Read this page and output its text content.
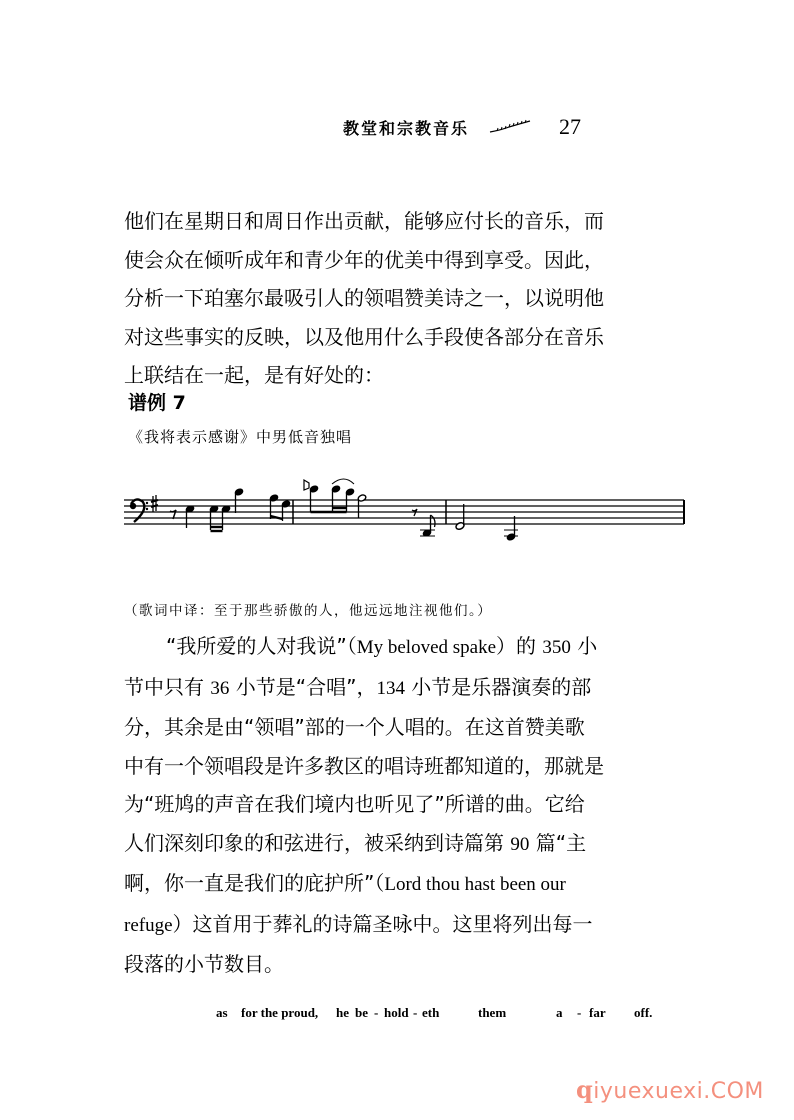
教堂和宗教音乐	27

他们在星期日和周日作出贡献，能够应付长的音乐，而

使会众在倾听成年和青少年的优美中得到享受。因此，

分析一下珀塞尔最吸引人的领唱赞美诗之一，以说明他

对这些事实的反映，以及他用什么手段使各部分在音乐

上联结在一起，是有好处的：

谱例 7
《我将表示感谢》中男低音独唱
as for the proud, he be - hold - eth	them	a - far off.
（歌词中译：至于那些骄傲的人，他远远地注视他们。）

“我所爱的人对我说”（My beloved spake）的 350 小

节中只有 36 小节是“合唱”，134 小节是乐器演奏的部

分，其余是由“领唱”部的一个人唱的。在这首赞美歌

中有一个领唱段是许多教区的唱诗班都知道的，那就是

为“班鸠的声音在我们境内也听见了”所谱的曲。它给

人们深刻印象的和弦进行，被采纳到诗篇第 90 篇“主

啊，你一直是我们的庇护所”（Lord thou hast been our

refuge）这首用于葬礼的诗篇圣咏中。这里将列出每一

段落的小节数目。

qiyuexuexi.COM
